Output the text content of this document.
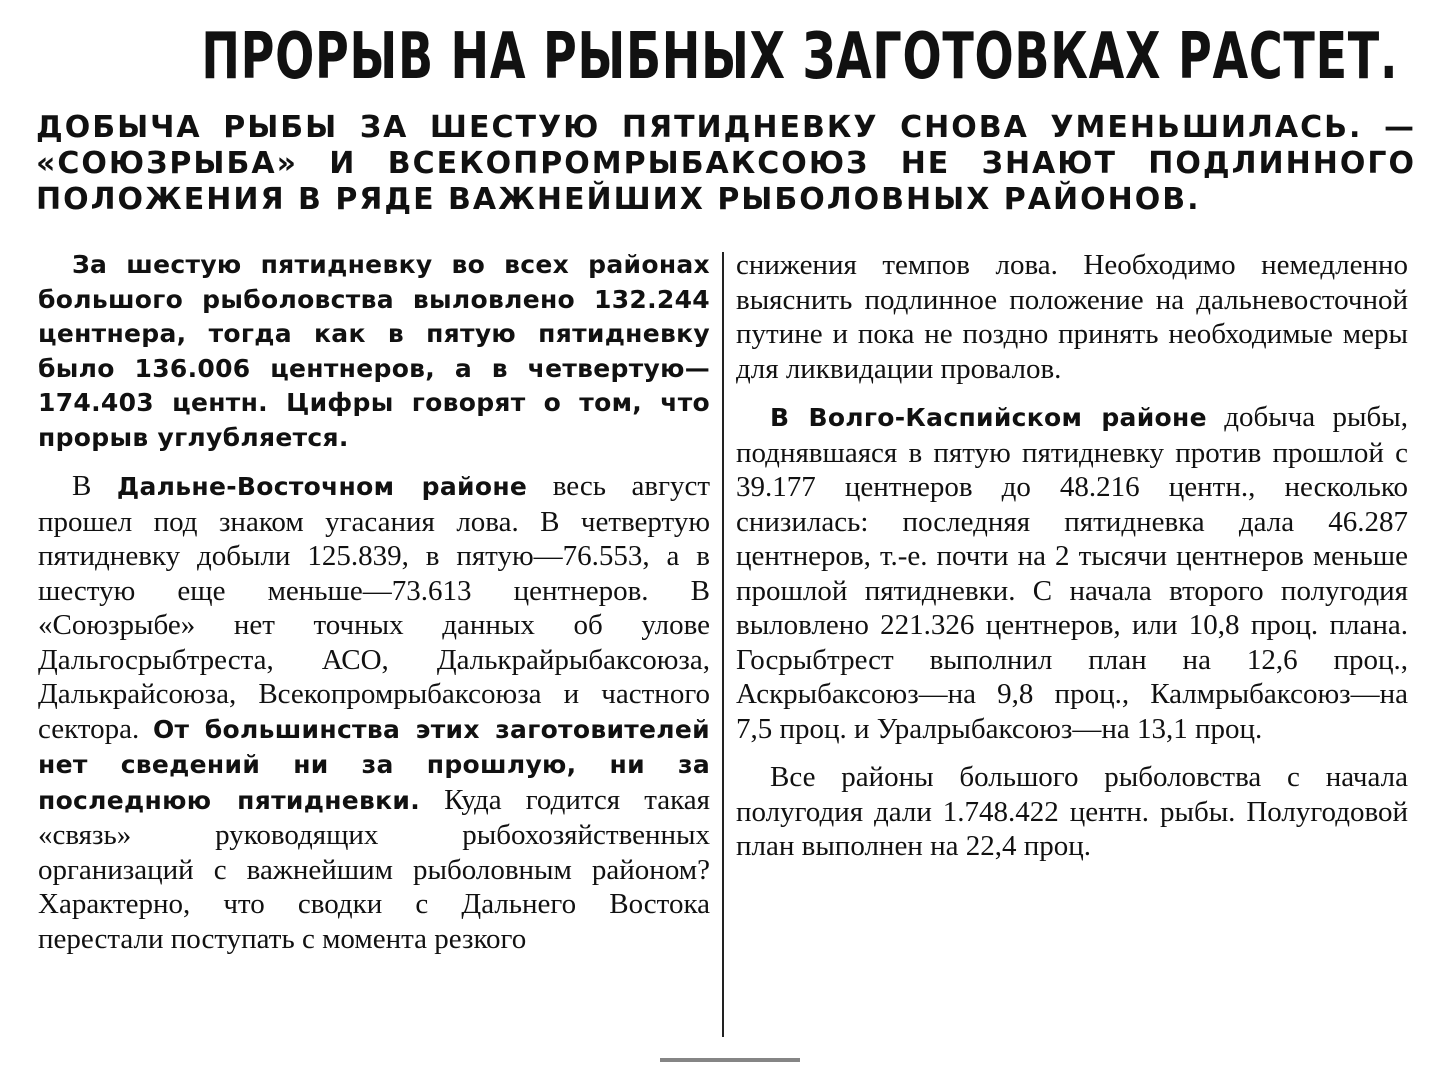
ПРОРЫВ НА РЫБНЫХ ЗАГОТОВКАХ РАСТЕТ.
ДОБЫЧА РЫБЫ ЗА ШЕСТУЮ ПЯТИДНЕВКУ СНОВА УМЕНЬШИЛАСЬ. — «СОЮЗРЫБА» И ВСЕКОПРОМРЫБАКСОЮЗ НЕ ЗНАЮТ ПОДЛИННОГО ПОЛОЖЕНИЯ В РЯДЕ ВАЖНЕЙШИХ РЫБОЛОВНЫХ РАЙОНОВ.

За шестую пятидневку во всех районах большого рыболовства выловлено 132.244 центнера, тогда как в пятую пятидневку было 136.006 центнеров, а в четвертую—174.403 центн. Цифры говорят о том, что прорыв углубляется.

В Дальне-Восточном районе весь август прошел под знаком угасания лова. В четвертую пятидневку добыли 125.839, в пятую—76.553, а в шестую еще меньше—73.613 центнеров. В «Союзрыбе» нет точных данных об улове Дальгосрыбтреста, АСО, Далькрайрыбаксоюза, Далькрайсоюза, Всекопромрыбаксоюза и частного сектора. От большинства этих заготовителей нет сведений ни за прошлую, ни за последнюю пятидневки. Куда годится такая «связь» руководящих рыбохозяйственных организаций с важнейшим рыболовным районом? Характерно, что сводки с Дальнего Востока перестали поступать с момента резкого

снижения темпов лова. Необходимо немедленно выяснить подлинное положение на дальневосточной путине и пока не поздно принять необходимые меры для ликвидации провалов.

В Волго-Каспийском районе добыча рыбы, поднявшаяся в пятую пятидневку против прошлой с 39.177 центнеров до 48.216 центн., несколько снизилась: последняя пятидневка дала 46.287 центнеров, т.-е. почти на 2 тысячи центнеров меньше прошлой пятидневки. С начала второго полугодия выловлено 221.326 центнеров, или 10,8 проц. плана. Госрыбтрест выполнил план на 12,6 проц., Аскрыбаксоюз—на 9,8 проц., Калмрыбаксоюз—на 7,5 проц. и Уралрыбаксоюз—на 13,1 проц.

Все районы большого рыболовства с начала полугодия дали 1.748.422 центн. рыбы. Полугодовой план выполнен на 22,4 проц.
